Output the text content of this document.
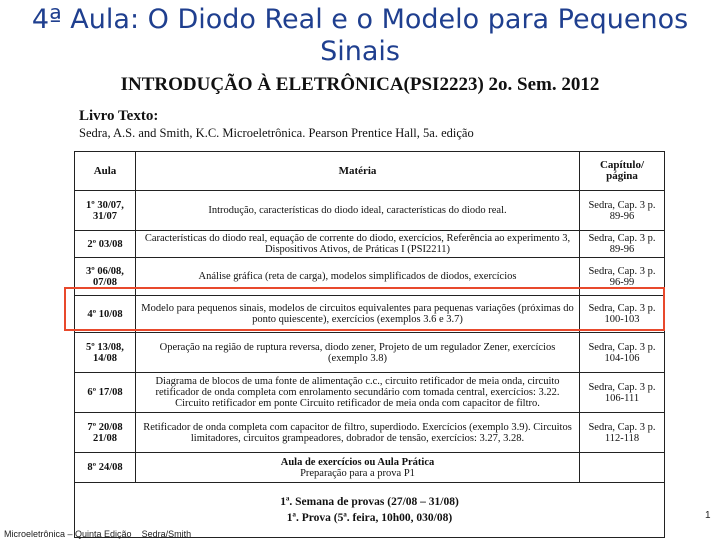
4ª Aula: O Diodo Real e o Modelo para Pequenos Sinais
INTRODUÇÃO À ELETRÔNICA(PSI2223) 2o. Sem. 2012
Livro Texto:
Sedra, A.S. and Smith, K.C. Microeletrônica. Pearson Prentice Hall, 5a. edição
Aula	Matéria	Capítulo/ página
1º 30/07, 31/07	Introdução, características do diodo ideal, características do diodo real.	Sedra, Cap. 3 p. 89-96
2º 03/08	Características do diodo real, equação de corrente do diodo, exercícios, Referência ao experimento 3, Dispositivos Ativos, de Práticas I (PSI2211)	Sedra, Cap. 3 p. 89-96
3º 06/08, 07/08	Análise gráfica (reta de carga), modelos simplificados de diodos, exercícios	Sedra, Cap. 3 p. 96-99
4º 10/08	Modelo para pequenos sinais, modelos de circuitos equivalentes para pequenas variações (próximas do ponto quiescente), exercícios (exemplos 3.6 e 3.7)	Sedra, Cap. 3 p. 100-103
5º 13/08, 14/08	Operação na região de ruptura reversa, diodo zener, Projeto de um regulador Zener, exercícios (exemplo 3.8)	Sedra, Cap. 3 p. 104-106
6º 17/08	Diagrama de blocos de uma fonte de alimentação c.c., circuito retificador de meia onda, circuito retificador de onda completa com enrolamento secundário com tomada central, exercícios: 3.22. Circuito retificador em ponte Circuito retificador de meia onda com capacitor de filtro.	Sedra, Cap. 3 p. 106-111
7º 20/08 21/08	Retificador de onda completa com capacitor de filtro, superdiodo. Exercícios (exemplo 3.9). Circuitos limitadores, circuitos grampeadores, dobrador de tensão, exercícios: 3.27, 3.28.	Sedra, Cap. 3 p. 112-118
8º 24/08	Aula de exercícios ou Aula Prática
Preparação para a prova P1	

1ª. Semana de provas (27/08 – 31/08)
1ª. Prova (5ª. feira, 10h00, 030/08)			1
Microeletrônica – Quinta Edição Sedra/Smith
